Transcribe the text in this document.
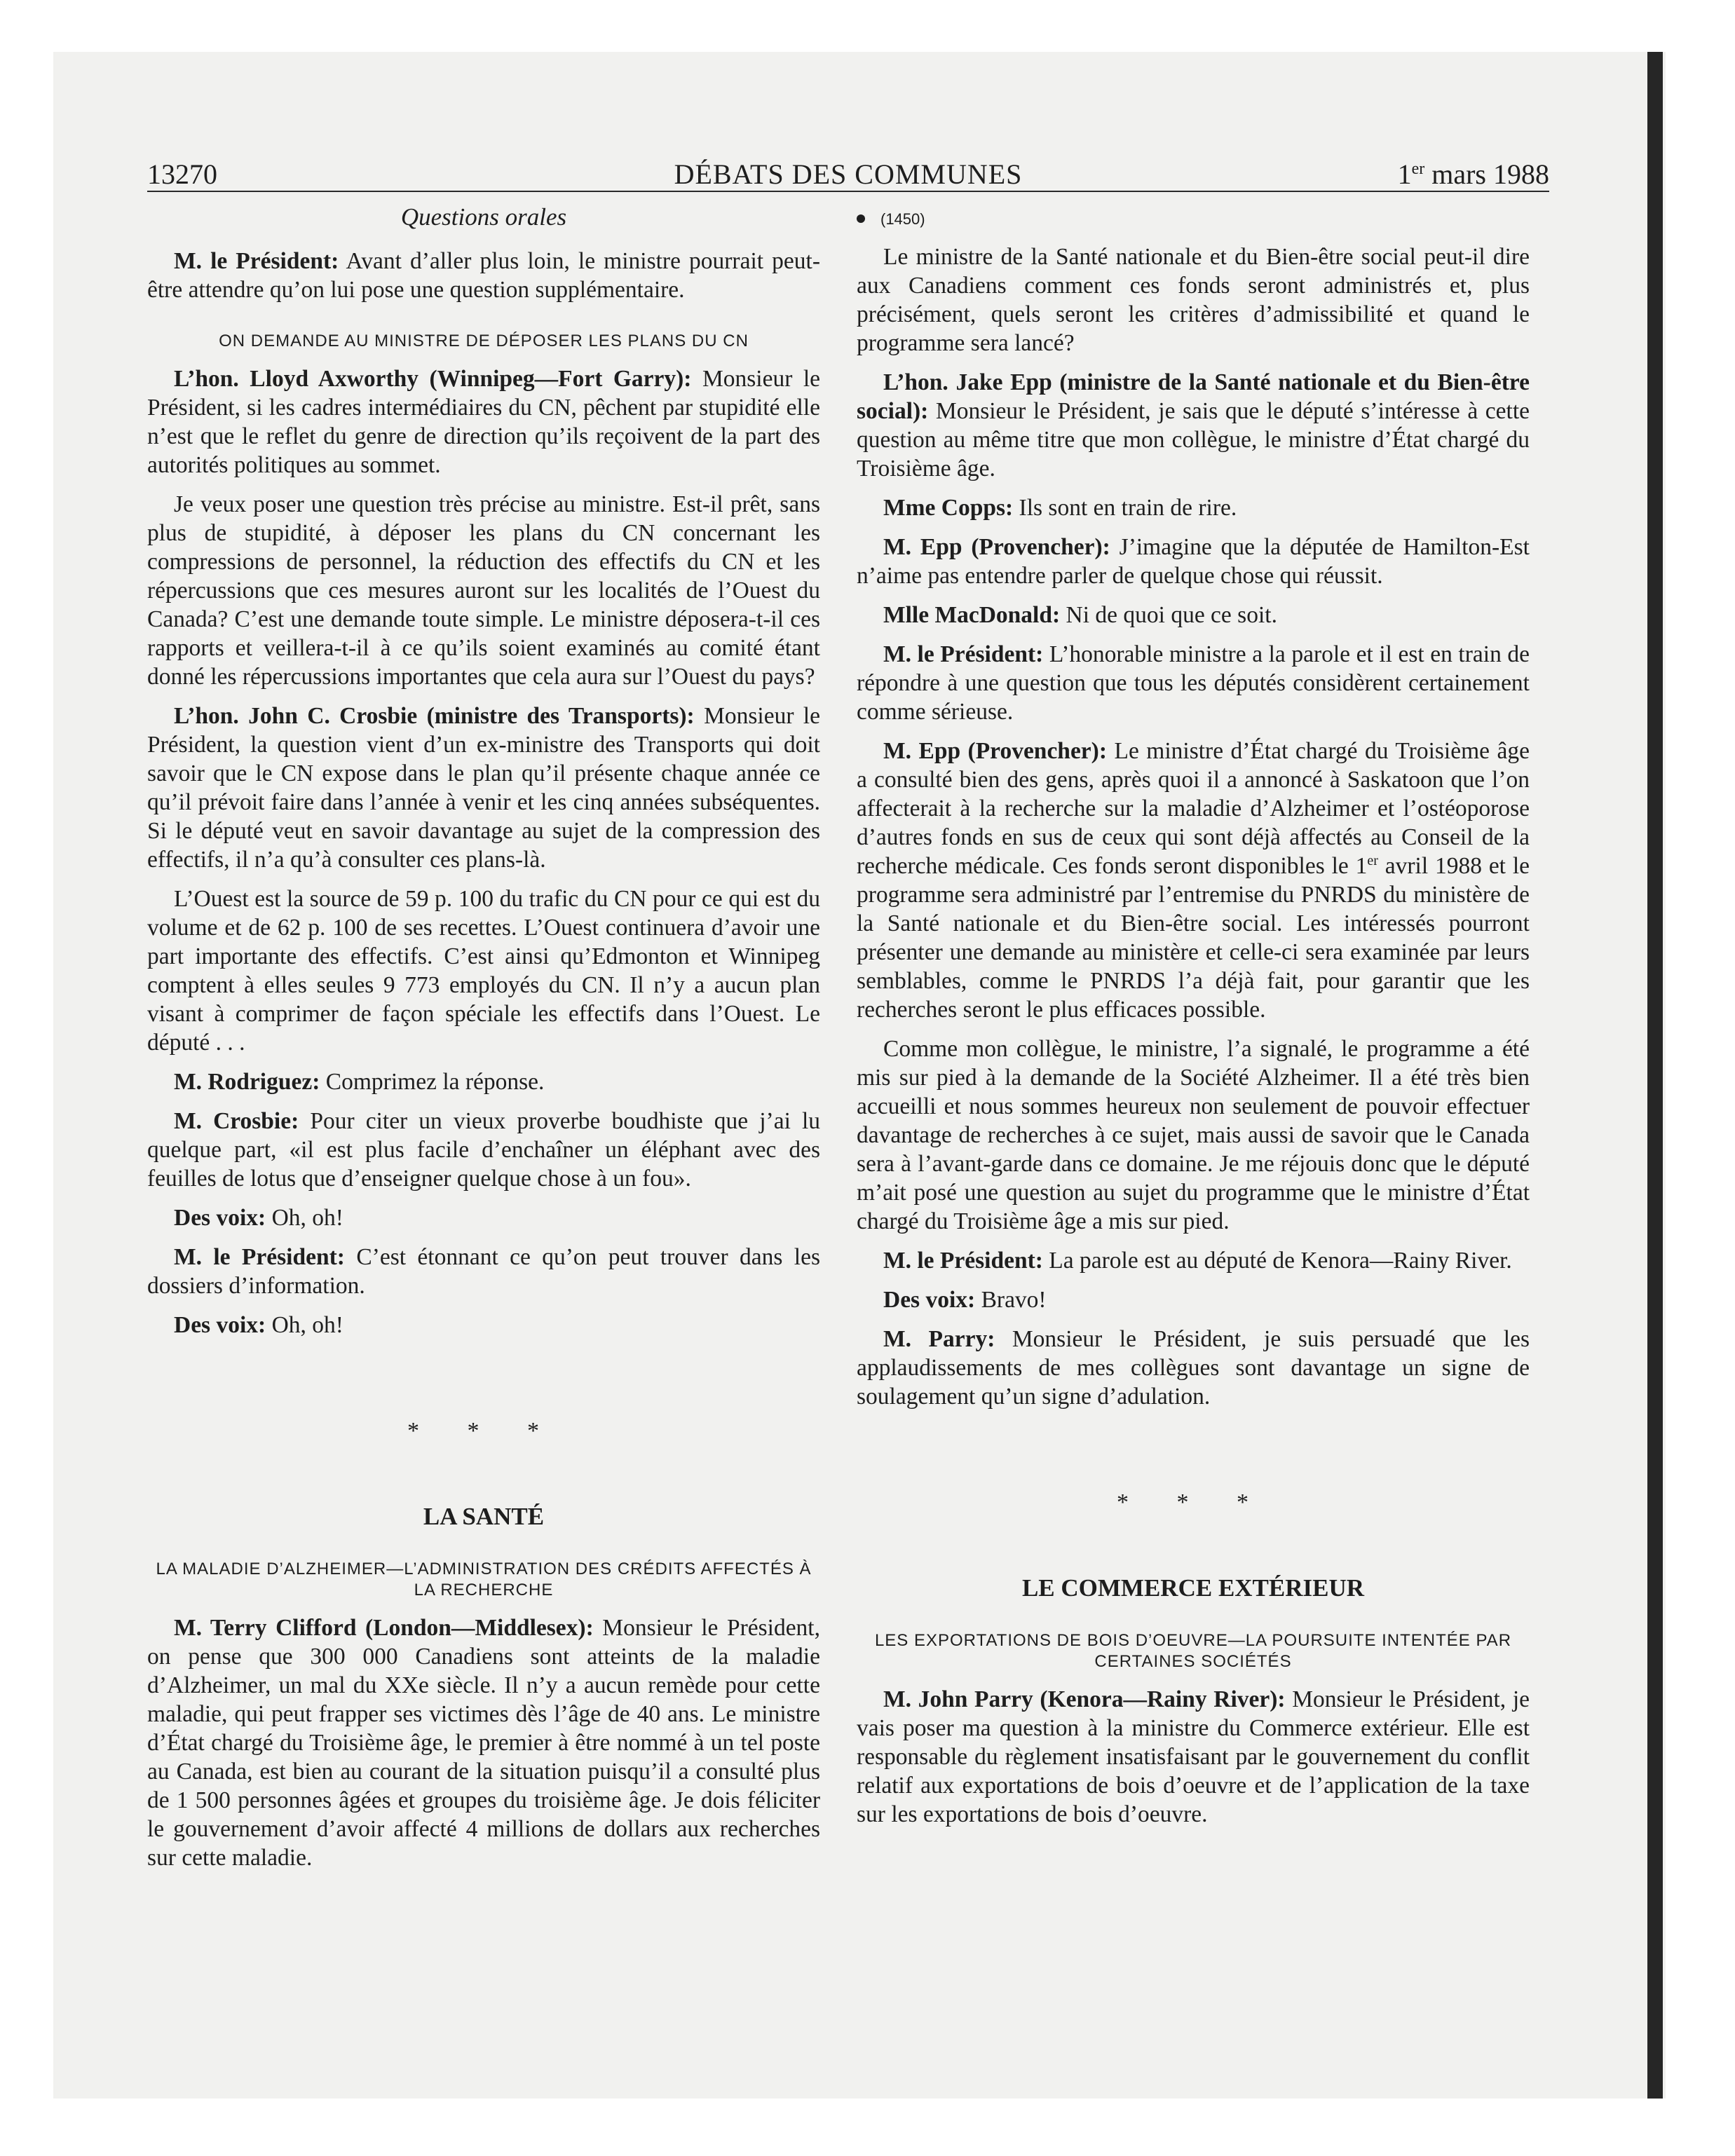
13270	DÉBATS DES COMMUNES	1er mars 1988
Questions orales

M. le Président: Avant d’aller plus loin, le ministre pourrait peut-être attendre qu’on lui pose une question supplémentaire.

ON DEMANDE AU MINISTRE DE DÉPOSER LES PLANS DU CN

L’hon. Lloyd Axworthy (Winnipeg—Fort Garry): Monsieur le Président, si les cadres intermédiaires du CN, pêchent par stupidité elle n’est que le reflet du genre de direction qu’ils reçoivent de la part des autorités politiques au sommet.

Je veux poser une question très précise au ministre. Est-il prêt, sans plus de stupidité, à déposer les plans du CN concernant les compressions de personnel, la réduction des effectifs du CN et les répercussions que ces mesures auront sur les localités de l’Ouest du Canada? C’est une demande toute simple. Le ministre déposera-t-il ces rapports et veillera-t-il à ce qu’ils soient examinés au comité étant donné les répercussions importantes que cela aura sur l’Ouest du pays?

L’hon. John C. Crosbie (ministre des Transports): Monsieur le Président, la question vient d’un ex-ministre des Transports qui doit savoir que le CN expose dans le plan qu’il présente chaque année ce qu’il prévoit faire dans l’année à venir et les cinq années subséquentes. Si le député veut en savoir davantage au sujet de la compression des effectifs, il n’a qu’à consulter ces plans-là.

L’Ouest est la source de 59 p. 100 du trafic du CN pour ce qui est du volume et de 62 p. 100 de ses recettes. L’Ouest continuera d’avoir une part importante des effectifs. C’est ainsi qu’Edmonton et Winnipeg comptent à elles seules 9 773 employés du CN. Il n’y a aucun plan visant à comprimer de façon spéciale les effectifs dans l’Ouest. Le député . . .

M. Rodriguez: Comprimez la réponse.

M. Crosbie: Pour citer un vieux proverbe boudhiste que j’ai lu quelque part, «il est plus facile d’enchaîner un éléphant avec des feuilles de lotus que d’enseigner quelque chose à un fou».

Des voix: Oh, oh!

M. le Président: C’est étonnant ce qu’on peut trouver dans les dossiers d’information.

Des voix: Oh, oh!

* * *
LA SANTÉ
LA MALADIE D’ALZHEIMER—L’ADMINISTRATION DES CRÉDITS AFFECTÉS À LA RECHERCHE

M. Terry Clifford (London—Middlesex): Monsieur le Président, on pense que 300 000 Canadiens sont atteints de la maladie d’Alzheimer, un mal du XXe siècle. Il n’y a aucun remède pour cette maladie, qui peut frapper ses victimes dès l’âge de 40 ans. Le ministre d’État chargé du Troisième âge, le premier à être nommé à un tel poste au Canada, est bien au courant de la situation puisqu’il a consulté plus de 1 500 personnes âgées et groupes du troisième âge. Je dois féliciter le gouvernement d’avoir affecté 4 millions de dollars aux recherches sur cette maladie.

(1450)

Le ministre de la Santé nationale et du Bien-être social peut-il dire aux Canadiens comment ces fonds seront administrés et, plus précisément, quels seront les critères d’admissibilité et quand le programme sera lancé?

L’hon. Jake Epp (ministre de la Santé nationale et du Bien-être social): Monsieur le Président, je sais que le député s’intéresse à cette question au même titre que mon collègue, le ministre d’État chargé du Troisième âge.

Mme Copps: Ils sont en train de rire.

M. Epp (Provencher): J’imagine que la députée de Hamilton-Est n’aime pas entendre parler de quelque chose qui réussit.

Mlle MacDonald: Ni de quoi que ce soit.

M. le Président: L’honorable ministre a la parole et il est en train de répondre à une question que tous les députés considèrent certainement comme sérieuse.

M. Epp (Provencher): Le ministre d’État chargé du Troisième âge a consulté bien des gens, après quoi il a annoncé à Saskatoon que l’on affecterait à la recherche sur la maladie d’Alzheimer et l’ostéoporose d’autres fonds en sus de ceux qui sont déjà affectés au Conseil de la recherche médicale. Ces fonds seront disponibles le 1er avril 1988 et le programme sera administré par l’entremise du PNRDS du ministère de la Santé nationale et du Bien-être social. Les intéressés pourront présenter une demande au ministère et celle-ci sera examinée par leurs semblables, comme le PNRDS l’a déjà fait, pour garantir que les recherches seront le plus efficaces possible.

Comme mon collègue, le ministre, l’a signalé, le programme a été mis sur pied à la demande de la Société Alzheimer. Il a été très bien accueilli et nous sommes heureux non seulement de pouvoir effectuer davantage de recherches à ce sujet, mais aussi de savoir que le Canada sera à l’avant-garde dans ce domaine. Je me réjouis donc que le député m’ait posé une question au sujet du programme que le ministre d’État chargé du Troisième âge a mis sur pied.

M. le Président: La parole est au député de Kenora—Rainy River.

Des voix: Bravo!

M. Parry: Monsieur le Président, je suis persuadé que les applaudissements de mes collègues sont davantage un signe de soulagement qu’un signe d’adulation.

* * *
LE COMMERCE EXTÉRIEUR
LES EXPORTATIONS DE BOIS D’OEUVRE—LA POURSUITE INTENTÉE PAR CERTAINES SOCIÉTÉS

M. John Parry (Kenora—Rainy River): Monsieur le Président, je vais poser ma question à la ministre du Commerce extérieur. Elle est responsable du règlement insatisfaisant par le gouvernement du conflit relatif aux exportations de bois d’oeuvre et de l’application de la taxe sur les exportations de bois d’oeuvre.
